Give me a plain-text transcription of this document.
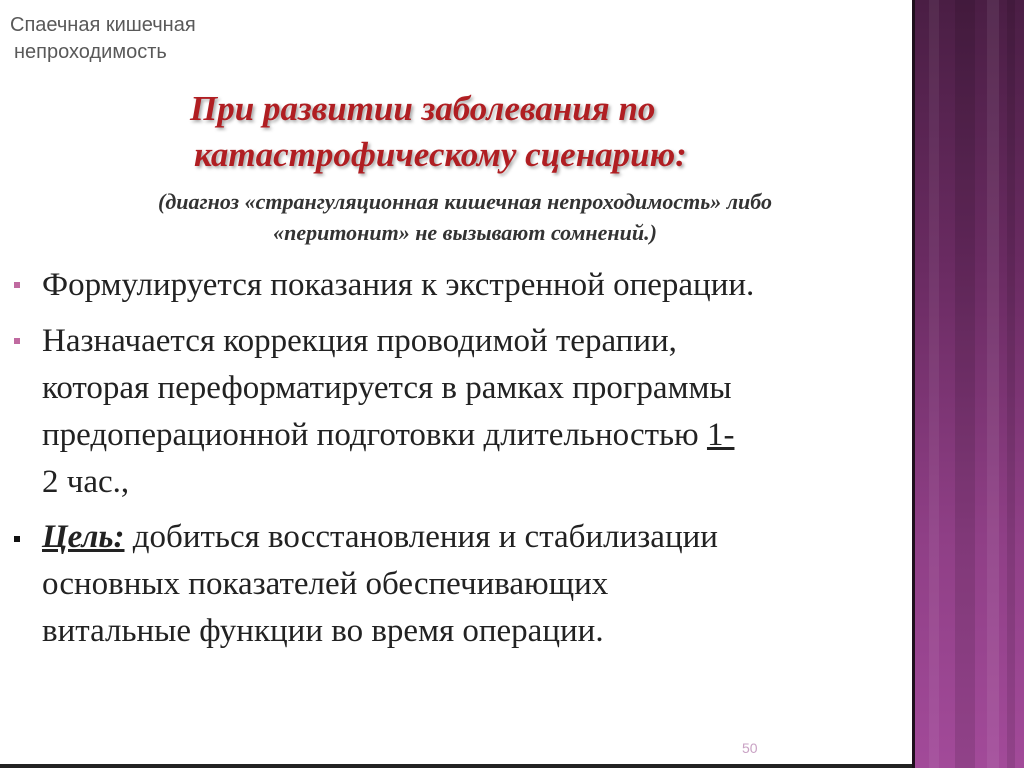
Спаечная кишечная
непроходимость
При развитии заболевания по
катастрофическому сценарию:
(диагноз «странгуляционная кишечная непроходимость» либо
«перитонит» не вызывают сомнений.)
Формулируется показания к экстренной операции.
Назначается коррекция проводимой терапии,
которая переформатируется в рамках программы
предоперационной подготовки длительностью 1-
2 час.,
Цель: добиться восстановления и стабилизации
основных показателей обеспечивающих
витальные функции во время операции.
50
